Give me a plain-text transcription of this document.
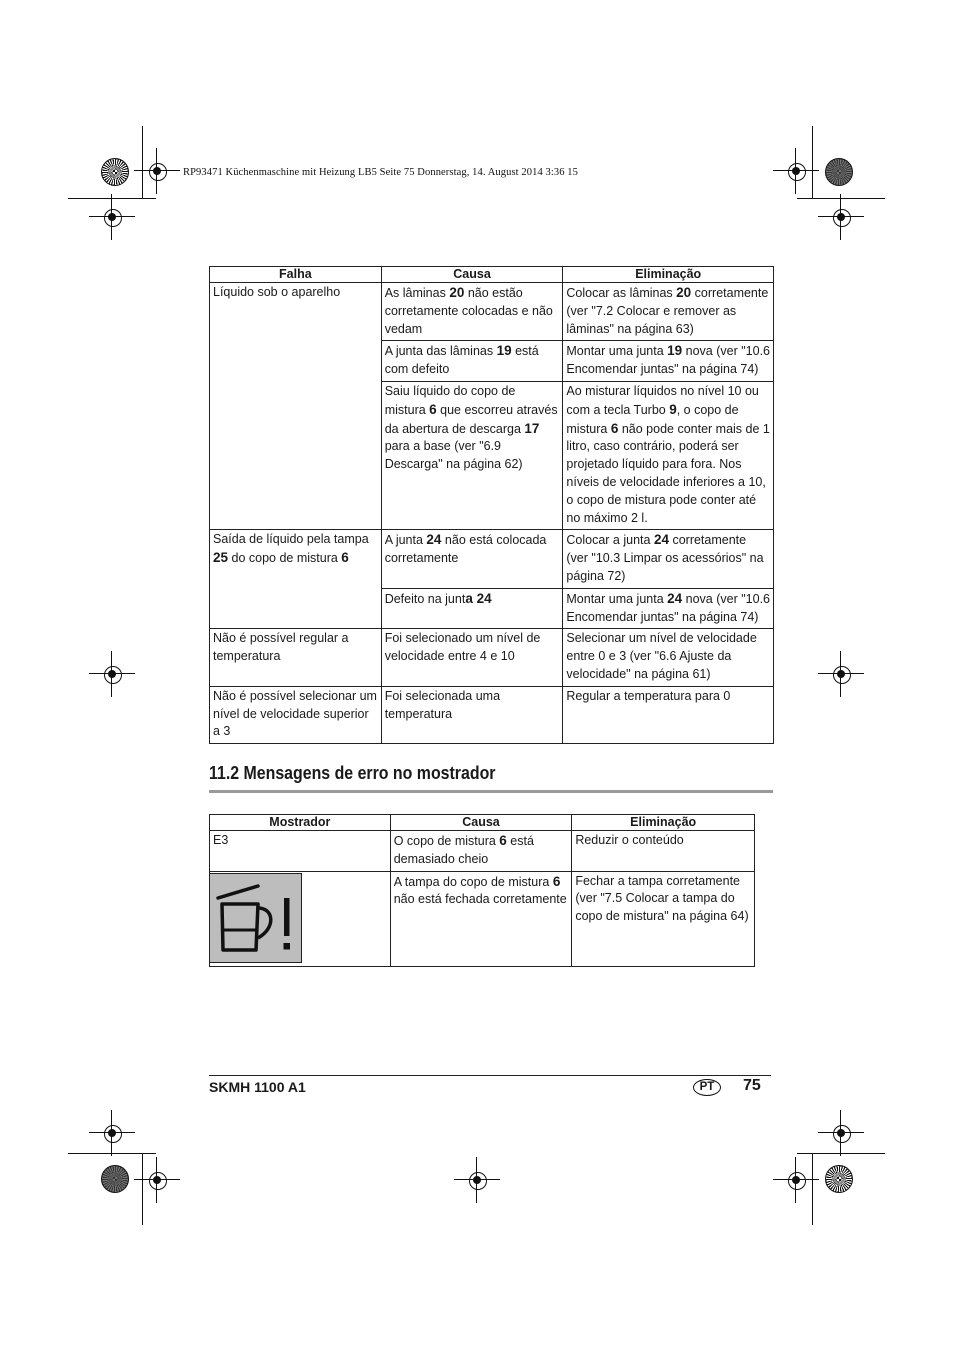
RP93471 Küchenmaschine mit Heizung LB5 Seite 75 Donnerstag, 14. August 2014 3:36 15
Falha	Causa	Eliminação
Líquido sob o aparelho	As lâminas 20 não estão corretamente colocadas e não vedam	Colocar as lâminas 20 corretamente (ver "7.2 Colocar e remover as lâminas" na página 63)
	A junta das lâminas 19 está com defeito	Montar uma junta 19 nova (ver "10.6 Encomendar juntas" na página 74)
	Saiu líquido do copo de mistura 6 que escorreu através da abertura de descarga 17 para a base (ver "6.9 Descarga" na página 62)	Ao misturar líquidos no nível 10 ou com a tecla Turbo 9, o copo de mistura 6 não pode conter mais de 1 litro, caso contrário, poderá ser projetado líquido para fora. Nos níveis de velocidade inferiores a 10, o copo de mistura pode conter até no máximo 2 l.
Saída de líquido pela tampa 25 do copo de mistura 6	A junta 24 não está colocada corretamente	Colocar a junta 24 corretamente (ver "10.3 Limpar os acessórios" na página 72)
	Defeito na junta 24	Montar uma junta 24 nova (ver "10.6 Encomendar juntas" na página 74)
Não é possível regular a temperatura	Foi selecionado um nível de velocidade entre 4 e 10	Selecionar um nível de velocidade entre 0 e 3 (ver "6.6 Ajuste da velocidade" na página 61)
Não é possível selecionar um nível de velocidade superior a 3	Foi selecionada uma temperatura	Regular a temperatura para 0
11.2 Mensagens de erro no mostrador
Mostrador	Causa	Eliminação
E3	O copo de mistura 6 está demasiado cheio	Reduzir o conteúdo

	A tampa do copo de mistura 6 não está fechada corretamente	Fechar a tampa corretamente (ver "7.5 Colocar a tampa do copo de mistura" na página 64)
SKMH 1100 A1	PT	75
